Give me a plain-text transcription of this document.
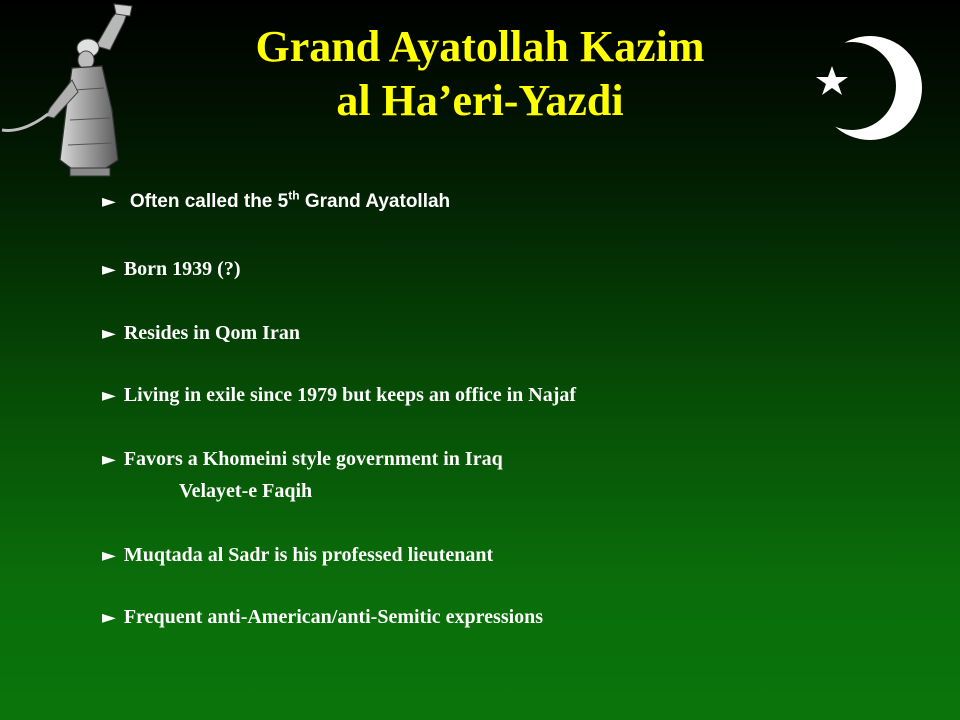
Grand Ayatollah Kazim
al Ha’eri-Yazdi
► Often called the 5th Grand Ayatollah
► Born 1939 (?)
► Resides in Qom Iran
► Living in exile since 1979 but keeps an office in Najaf
► Favors a Khomeini style government in Iraq
Velayet-e Faqih
► Muqtada al Sadr is his professed lieutenant
► Frequent anti-American/anti-Semitic expressions
